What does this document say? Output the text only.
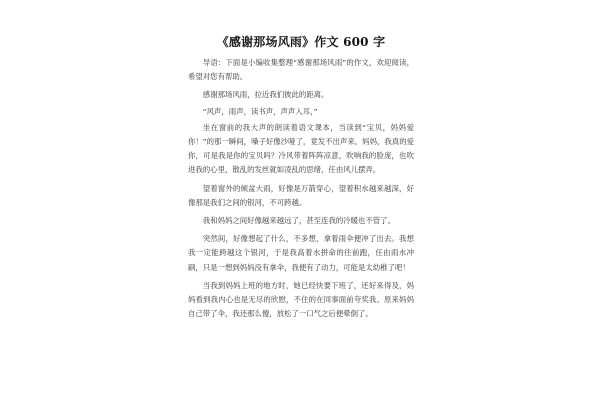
《感谢那场风雨》作文 600 字

导语：下面是小编收集整理“感谢那场风雨”的作文，欢迎阅读，希望对您有帮助。

感谢那场风雨，拉近我们彼此的距离。

“风声，雨声，读书声，声声入耳，”

坐在窗前的我大声的朗读着语文课本，当读到“宝贝，妈妈爱你！”的那一瞬间，嗓子好像沙哑了，竟发不出声来。妈妈，我真的爱你，可是我是你的宝贝吗？冷风带着阵阵凉意，吹响我的脸庞，也吹进我的心里，散乱的发丝就如凌乱的思绪，任由风儿摆弄。

望着窗外的倾盆大雨，好像是万箭穿心，望着积水越来越深，好像那是我们之间的银河，不可跨越。

我和妈妈之间好像越来越远了，甚至连我的冷暖也不管了。

突然间，好像想起了什么，不多想，拿着雨伞便冲了出去。我想我一定能跨越这个银河，于是我高着水拼命的往前跑，任由雨水冲刷，只是一想到妈妈没有拿伞，我便有了动力，可能是太幼稚了吧！

当我到妈妈上班的地方时，她已经快要下班了，还好来得及，妈妈看到我内心也是无尽的欣慰，不住的在同事面前夸奖我。原来妈妈自己带了伞，我还那么傻，放松了一口气之后便晕倒了。
